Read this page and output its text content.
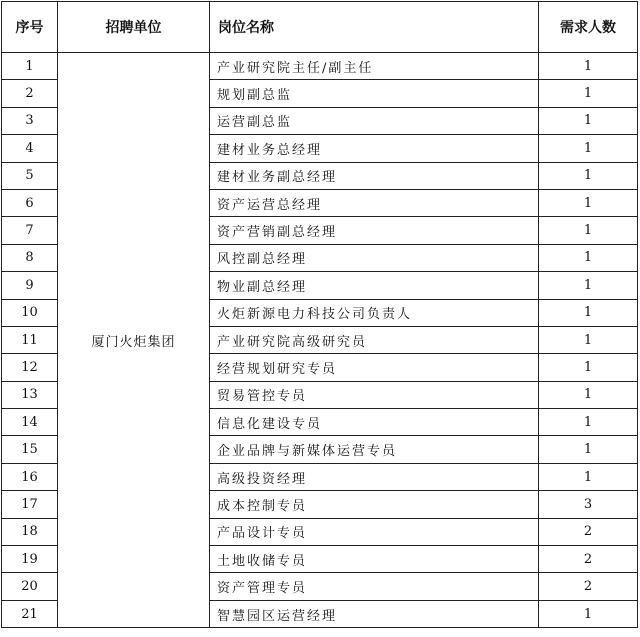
序号	招聘单位	岗位名称	需求人数
1	厦门火炬集团	产业研究院主任/副主任	1
2		规划副总监	1
3		运营副总监	1
4		建材业务总经理	1
5		建材业务副总经理	1
6		资产运营总经理	1
7		资产营销副总经理	1
8		风控副总经理	1
9		物业副总经理	1
10		火炬新源电力科技公司负责人	1
11		产业研究院高级研究员	1
12		经营规划研究专员	1
13		贸易管控专员	1
14		信息化建设专员	1
15		企业品牌与新媒体运营专员	1
16		高级投资经理	1
17		成本控制专员	3
18		产品设计专员	2
19		土地收储专员	2
20		资产管理专员	2
21		智慧园区运营经理	1
